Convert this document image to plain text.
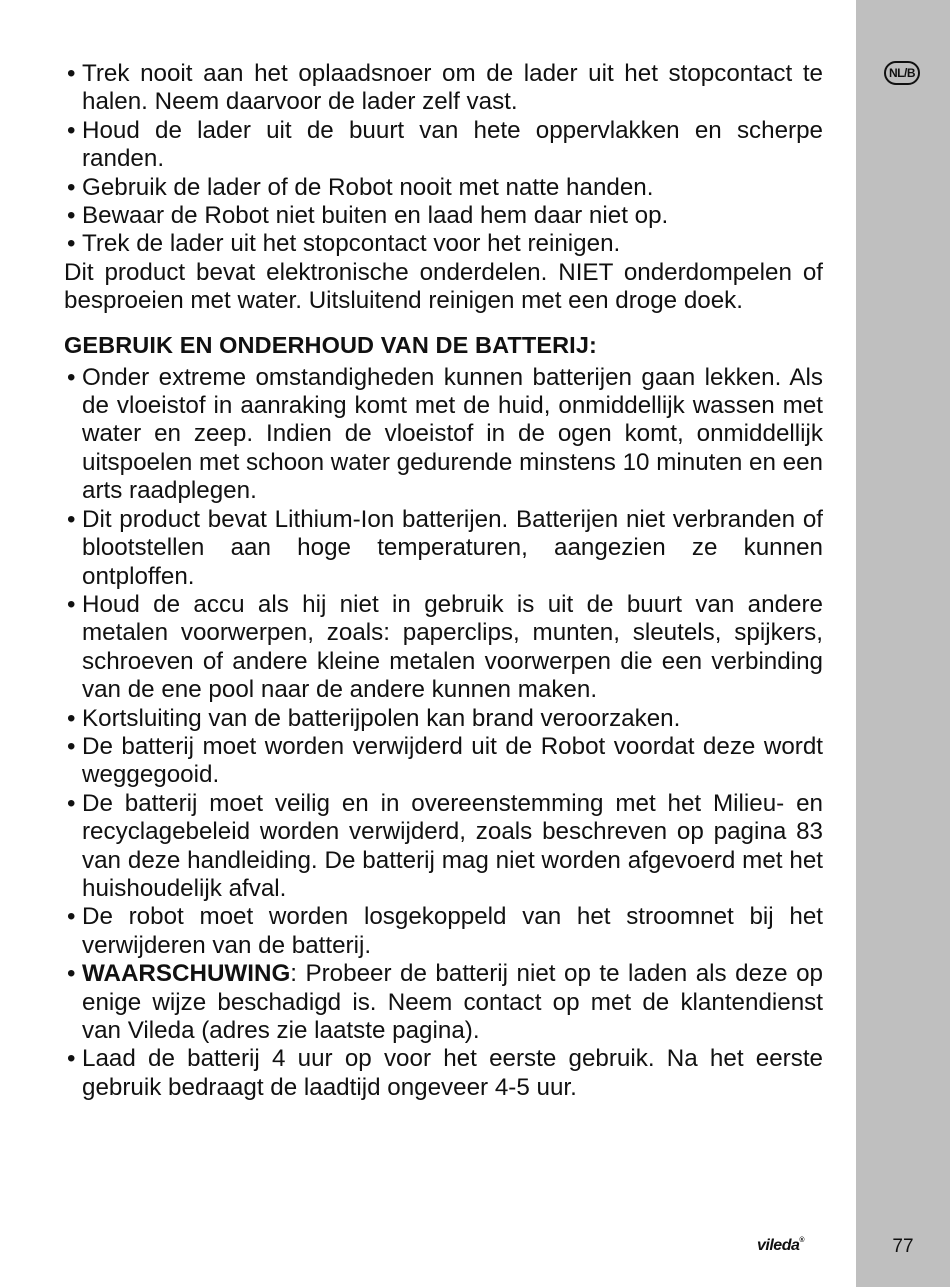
NL/B
77
vileda®
• Trek nooit aan het oplaadsnoer om de lader uit het stopcontact te halen. Neem daarvoor de lader zelf vast.
• Houd de lader uit de buurt van hete oppervlakken en scherpe randen.
• Gebruik de lader of de Robot nooit met natte handen.
• Bewaar de Robot niet buiten en laad hem daar niet op.
• Trek de lader uit het stopcontact voor het reinigen.

Dit product bevat elektronische onderdelen. NIET onderdompelen of besproeien met water. Uitsluitend reinigen met een droge doek.

GEBRUIK EN ONDERHOUD VAN DE BATTERIJ:
• Onder extreme omstandigheden kunnen batterijen gaan lekken. Als de vloeistof in aanraking komt met de huid, onmiddellijk wassen met water en zeep. Indien de vloeistof in de ogen komt, onmiddellijk uitspoelen met schoon water gedurende minstens 10 minuten en een arts raadplegen.
• Dit product bevat Lithium-Ion batterijen. Batterijen niet verbranden of blootstellen aan hoge temperaturen, aangezien ze kunnen ontploffen.
• Houd de accu als hij niet in gebruik is uit de buurt van andere metalen voorwerpen, zoals: paperclips, munten, sleutels, spijkers, schroeven of andere kleine metalen voorwerpen die een verbinding van de ene pool naar de andere kunnen maken.
• Kortsluiting van de batterijpolen kan brand veroorzaken.
• De batterij moet worden verwijderd uit de Robot voordat deze wordt weggegooid.
• De batterij moet veilig en in overeenstemming met het Milieu- en recyclagebeleid worden verwijderd, zoals beschreven op pagina 83 van deze handleiding. De batterij mag niet worden afgevoerd met het huishoudelijk afval.
• De robot moet worden losgekoppeld van het stroomnet bij het verwijderen van de batterij.
• WAARSCHUWING: Probeer de batterij niet op te laden als deze op enige wijze beschadigd is. Neem contact op met de klantendienst van Vileda (adres zie laatste pagina).
• Laad de batterij 4 uur op voor het eerste gebruik. Na het eerste gebruik bedraagt de laadtijd ongeveer 4-5 uur.
